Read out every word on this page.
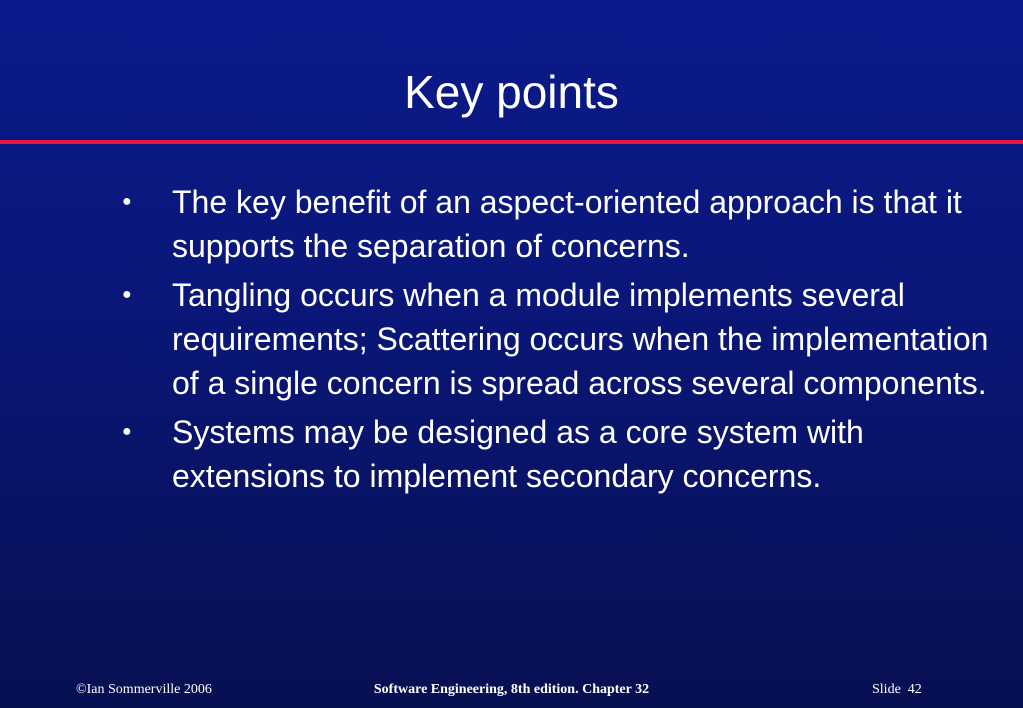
Key points
● The key benefit of an aspect-oriented approach is that it supports the separation of concerns.
● Tangling occurs when a module implements several requirements; Scattering occurs when the implementation of a single concern is spread across several components.
● Systems may be designed as a core system with extensions to implement secondary concerns.
©Ian Sommerville 2006	Software Engineering, 8th edition. Chapter 32	Slide  42
